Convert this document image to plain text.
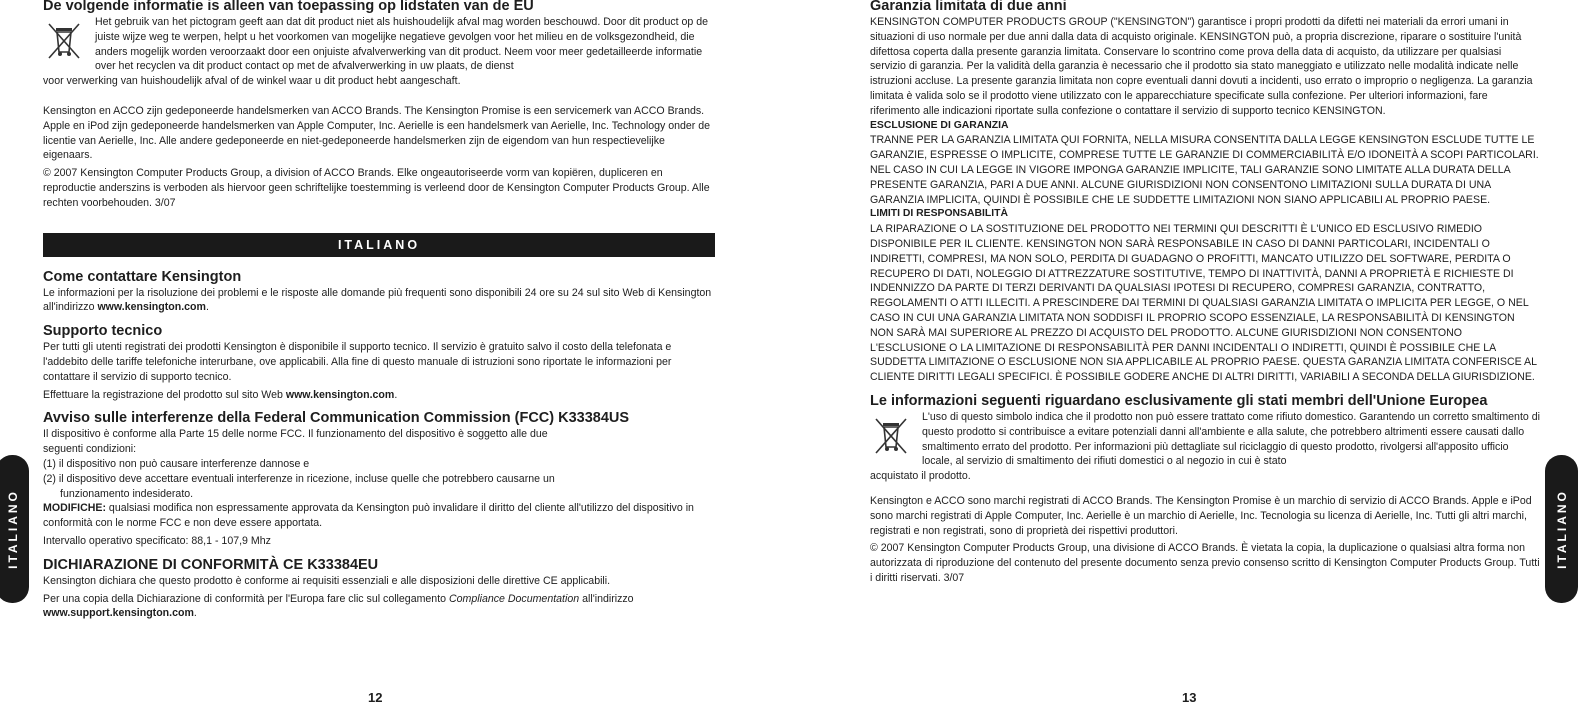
De volgende informatie is alleen van toepassing op lidstaten van de EU

Het gebruik van het pictogram geeft aan dat dit product niet als huishoudelijk afval mag worden beschouwd. Door dit product op de juiste wijze weg te werpen, helpt u het voorkomen van mogelijke negatieve gevolgen voor het milieu en de volksgezondheid, die anders mogelijk worden veroorzaakt door een onjuiste afvalverwerking van dit product. Neem voor meer gedetailleerde informatie over het recyclen va dit product contact op met de afvalverwerking in uw plaats, de dienst

voor verwerking van huishoudelijk afval of de winkel waar u dit product hebt aangeschaft.

Kensington en ACCO zijn gedeponeerde handelsmerken van ACCO Brands. The Kensington Promise is een servicemerk van ACCO Brands. Apple en iPod zijn gedeponeerde handelsmerken van Apple Computer, Inc. Aerielle is een handelsmerk van Aerielle, Inc. Technology onder de licentie van Aerielle, Inc. Alle andere gedeponeerde en niet-gedeponeerde handelsmerken zijn de eigendom van hun respectievelijke eigenaars.

© 2007 Kensington Computer Products Group, a division of ACCO Brands. Elke ongeautoriseerde vorm van kopiëren, dupliceren en reproductie anderszins is verboden als hiervoor geen schriftelijke toestemming is verleend door de Kensington Computer Products Group. Alle rechten voorbehouden. 3/07

ITALIANO
Come contattare Kensington

Le informazioni per la risoluzione dei problemi e le risposte alle domande più frequenti sono disponibili 24 ore su 24 sul sito Web di Kensington all'indirizzo www.kensington.com.

Supporto tecnico

Per tutti gli utenti registrati dei prodotti Kensington è disponibile il supporto tecnico. Il servizio è gratuito salvo il costo della telefonata e l'addebito delle tariffe telefoniche interurbane, ove applicabili. Alla fine di questo manuale di istruzioni sono riportate le informazioni per contattare il servizio di supporto tecnico.

Effettuare la registrazione del prodotto sul sito Web www.kensington.com.

Avviso sulle interferenze della Federal Communication Commission (FCC) K33384US

Il dispositivo è conforme alla Parte 15 delle norme FCC. Il funzionamento del dispositivo è soggetto alle due seguenti condizioni:

(1) il dispositivo non può causare interferenze dannose e

(2) il dispositivo deve accettare eventuali interferenze in ricezione, incluse quelle che potrebbero causarne un

funzionamento indesiderato.

MODIFICHE: qualsiasi modifica non espressamente approvata da Kensington può invalidare il diritto del cliente all'utilizzo del dispositivo in conformità con le norme FCC e non deve essere apportata.

Intervallo operativo specificato: 88,1 - 107,9 Mhz

DICHIARAZIONE DI CONFORMITÀ CE K33384EU

Kensington dichiara che questo prodotto è conforme ai requisiti essenziali e alle disposizioni delle direttive CE applicabili.

Per una copia della Dichiarazione di conformità per l'Europa fare clic sul collegamento Compliance Documentation all'indirizzo
www.support.kensington.com.

12
Garanzia limitata di due anni

KENSINGTON COMPUTER PRODUCTS GROUP ("KENSINGTON") garantisce i propri prodotti da difetti nei materiali da errori umani in situazioni di uso normale per due anni dalla data di acquisto originale. KENSINGTON può, a propria discrezione, riparare o sostituire l'unità difettosa coperta dalla presente garanzia limitata. Conservare lo scontrino come prova della data di acquisto, da utilizzare per qualsiasi servizio di garanzia. Per la validità della garanzia è necessario che il prodotto sia stato maneggiato e utilizzato nelle modalità indicate nelle istruzioni accluse. La presente garanzia limitata non copre eventuali danni dovuti a incidenti, uso errato o improprio o negligenza. La garanzia limitata è valida solo se il prodotto viene utilizzato con le apparecchiature specificate sulla confezione. Per ulteriori informazioni, fare riferimento alle indicazioni riportate sulla confezione o contattare il servizio di supporto tecnico KENSINGTON.

ESCLUSIONE DI GARANZIA

TRANNE PER LA GARANZIA LIMITATA QUI FORNITA, NELLA MISURA CONSENTITA DALLA LEGGE KENSINGTON ESCLUDE TUTTE LE GARANZIE, ESPRESSE O IMPLICITE, COMPRESE TUTTE LE GARANZIE DI COMMERCIABILITÀ E/O IDONEITÀ A SCOPI PARTICOLARI. NEL CASO IN CUI LA LEGGE IN VIGORE IMPONGA GARANZIE IMPLICITE, TALI GARANZIE SONO LIMITATE ALLA DURATA DELLA PRESENTE GARANZIA, PARI A DUE ANNI. ALCUNE GIURISDIZIONI NON CONSENTONO LIMITAZIONI SULLA DURATA DI UNA GARANZIA IMPLICITA, QUINDI È POSSIBILE CHE LE SUDDETTE LIMITAZIONI NON SIANO APPLICABILI AL PROPRIO PAESE.

LIMITI DI RESPONSABILITÀ

LA RIPARAZIONE O LA SOSTITUZIONE DEL PRODOTTO NEI TERMINI QUI DESCRITTI È L'UNICO ED ESCLUSIVO RIMEDIO DISPONIBILE PER IL CLIENTE. KENSINGTON NON SARÀ RESPONSABILE IN CASO DI DANNI PARTICOLARI, INCIDENTALI O INDIRETTI, COMPRESI, MA NON SOLO, PERDITA DI GUADAGNO O PROFITTI, MANCATO UTILIZZO DEL SOFTWARE, PERDITA O RECUPERO DI DATI, NOLEGGIO DI ATTREZZATURE SOSTITUTIVE, TEMPO DI INATTIVITÀ, DANNI A PROPRIETÀ E RICHIESTE DI INDENNIZZO DA PARTE DI TERZI DERIVANTI DA QUALSIASI IPOTESI DI RECUPERO, COMPRESI GARANZIA, CONTRATTO, REGOLAMENTI O ATTI ILLECITI. A PRESCINDERE DAI TERMINI DI QUALSIASI GARANZIA LIMITATA O IMPLICITA PER LEGGE, O NEL CASO IN CUI UNA GARANZIA LIMITATA NON SODDISFI IL PROPRIO SCOPO ESSENZIALE, LA RESPONSABILITÀ DI KENSINGTON NON SARÀ MAI SUPERIORE AL PREZZO DI ACQUISTO DEL PRODOTTO. ALCUNE GIURISDIZIONI NON CONSENTONO L'ESCLUSIONE O LA LIMITAZIONE DI RESPONSABILITÀ PER DANNI INCIDENTALI O INDIRETTI, QUINDI È POSSIBILE CHE LA SUDDETTA LIMITAZIONE O ESCLUSIONE NON SIA APPLICABILE AL PROPRIO PAESE. QUESTA GARANZIA LIMITATA CONFERISCE AL CLIENTE DIRITTI LEGALI SPECIFICI. È POSSIBILE GODERE ANCHE DI ALTRI DIRITTI, VARIABILI A SECONDA DELLA GIURISDIZIONE.

Le informazioni seguenti riguardano esclusivamente gli stati membri dell'Unione Europea

L'uso di questo simbolo indica che il prodotto non può essere trattato come rifiuto domestico. Garantendo un corretto smaltimento di questo prodotto si contribuisce a evitare potenziali danni all'ambiente e alla salute, che potrebbero altrimenti essere causati dallo smaltimento errato del prodotto. Per informazioni più dettagliate sul riciclaggio di questo prodotto, rivolgersi all'apposito ufficio locale, al servizio di smaltimento dei rifiuti domestici o al negozio in cui è stato

acquistato il prodotto.

Kensington e ACCO sono marchi registrati di ACCO Brands. The Kensington Promise è un marchio di servizio di ACCO Brands. Apple e iPod sono marchi registrati di Apple Computer, Inc. Aerielle è un marchio di Aerielle, Inc. Tecnologia su licenza di Aerielle, Inc. Tutti gli altri marchi, registrati e non registrati, sono di proprietà dei rispettivi produttori.

© 2007 Kensington Computer Products Group, una divisione di ACCO Brands. È vietata la copia, la duplicazione o qualsiasi altra forma non autorizzata di riproduzione del contenuto del presente documento senza previo consenso scritto di Kensington Computer Products Group. Tutti i diritti riservati. 3/07

13
ITALIANO	ITALIANO
